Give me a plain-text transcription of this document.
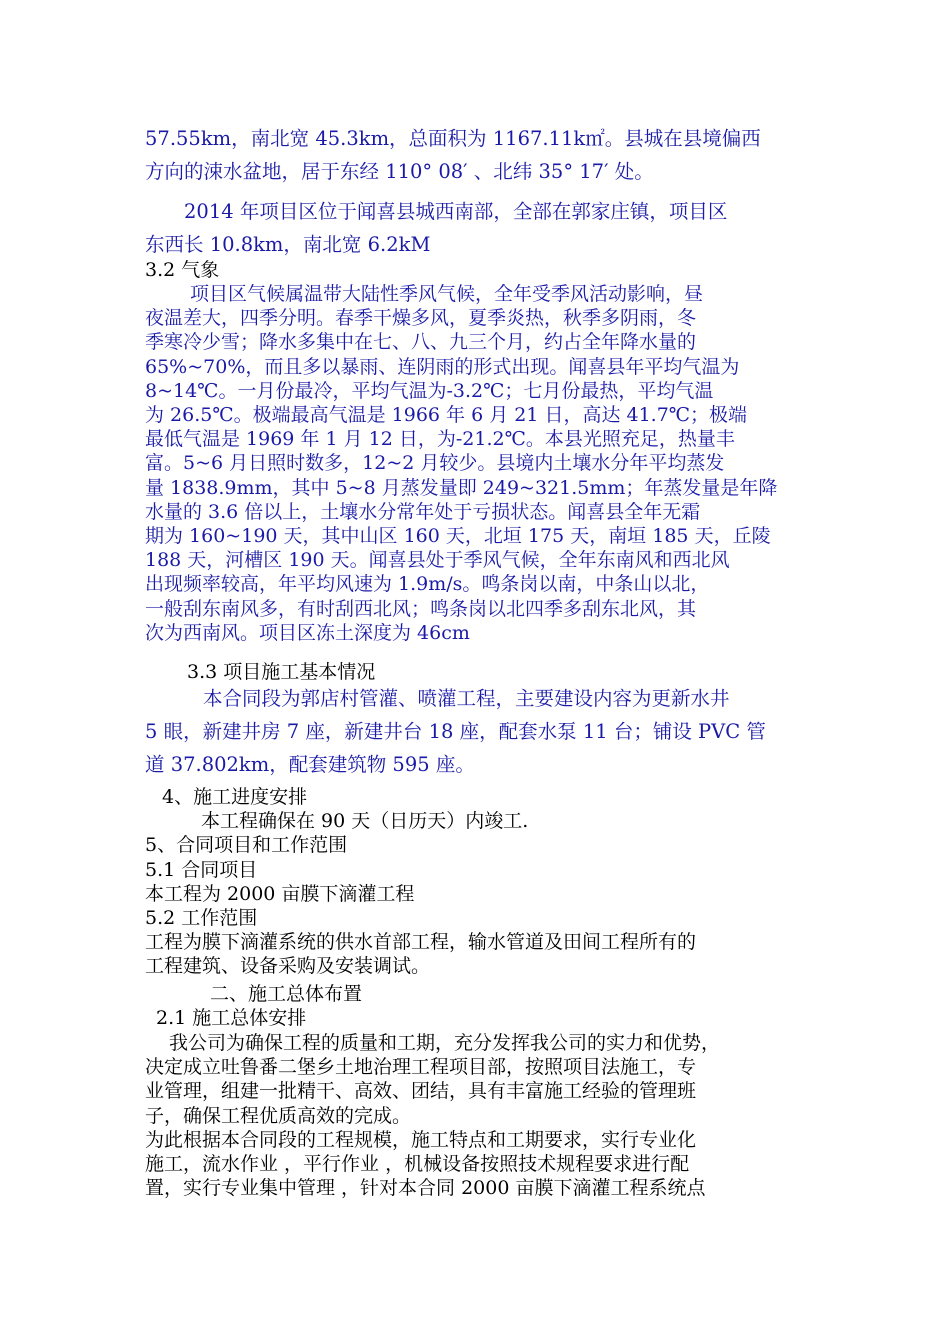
57.55km，南北宽 45.3km，总面积为 1167.11k㎡。县城在县境偏西
方向的涑水盆地，居于东经 110° 08′ 、北纬 35° 17′ 处。
2014 年项目区位于闻喜县城西南部，全部在郭家庄镇，项目区
东西长 10.8km，南北宽 6.2kM
3.2 气象
项目区气候属温带大陆性季风气候，全年受季风活动影响，昼
夜温差大，四季分明。春季干燥多风，夏季炎热，秋季多阴雨，冬
季寒冷少雪；降水多集中在七、八、九三个月，约占全年降水量的
65%~70%，而且多以暴雨、连阴雨的形式出现。闻喜县年平均气温为
8~14℃。一月份最冷，平均气温为-3.2℃；七月份最热，平均气温
为 26.5℃。极端最高气温是 1966 年 6 月 21 日，高达 41.7℃；极端
最低气温是 1969 年 1 月 12 日，为-21.2℃。本县光照充足，热量丰
富。5~6 月日照时数多，12~2 月较少。县境内土壤水分年平均蒸发
量 1838.9mm，其中 5~8 月蒸发量即 249~321.5mm；年蒸发量是年降
水量的 3.6 倍以上，土壤水分常年处于亏损状态。闻喜县全年无霜
期为 160~190 天，其中山区 160 天，北垣 175 天，南垣 185 天，丘陵
188 天，河槽区 190 天。闻喜县处于季风气候，全年东南风和西北风
出现频率较高，年平均风速为 1.9m/s。鸣条岗以南，中条山以北，
一般刮东南风多，有时刮西北风；鸣条岗以北四季多刮东北风，其
次为西南风。项目区冻土深度为 46cm
3.3 项目施工基本情况
本合同段为郭店村管灌、喷灌工程，主要建设内容为更新水井
5 眼，新建井房 7 座，新建井台 18 座，配套水泵 11 台；铺设 PVC 管
道 37.802km，配套建筑物 595 座。
4、施工进度安排
本工程确保在 90 天（日历天）内竣工.
5、合同项目和工作范围
5.1 合同项目
本工程为 2000 亩膜下滴灌工程
5.2 工作范围
工程为膜下滴灌系统的供水首部工程，输水管道及田间工程所有的
工程建筑、设备采购及安装调试。
二、施工总体布置
2.1 施工总体安排
我公司为确保工程的质量和工期，充分发挥我公司的实力和优势，
决定成立吐鲁番二堡乡土地治理工程项目部，按照项目法施工，专
业管理，组建一批精干、高效、团结，具有丰富施工经验的管理班
子，确保工程优质高效的完成。
为此根据本合同段的工程规模，施工特点和工期要求，实行专业化
施工，流水作业 ，平行作业 ，机械设备按照技术规程要求进行配
置，实行专业集中管理 ，针对本合同 2000 亩膜下滴灌工程系统点
